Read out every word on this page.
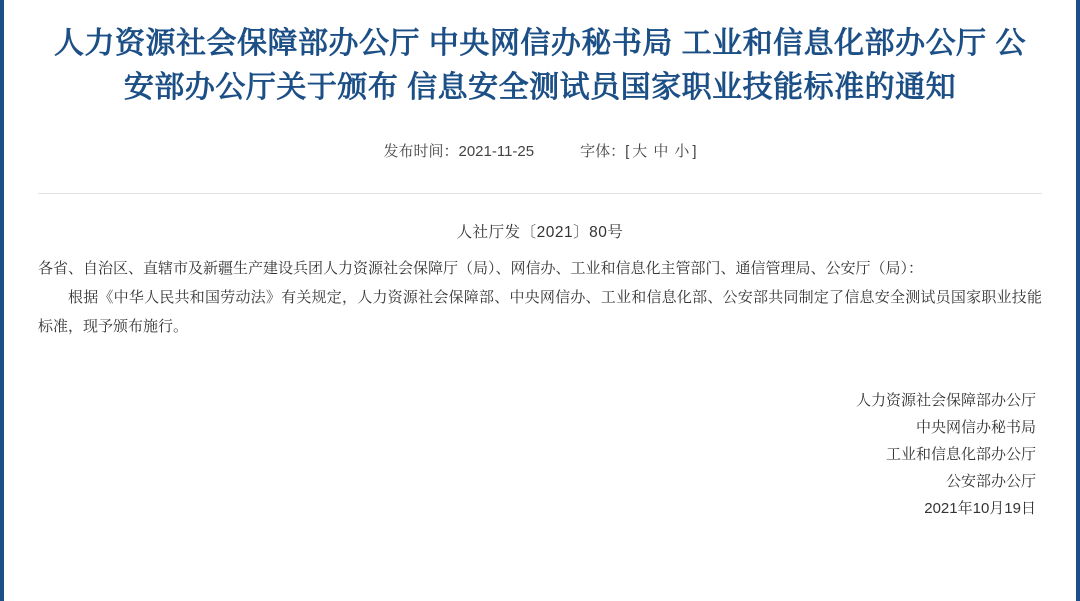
人力资源社会保障部办公厅 中央网信办秘书局 工业和信息化部办公厅 公安部办公厅关于颁布 信息安全测试员国家职业技能标准的通知
发布时间：2021-11-25	字体：[ 大 中 小 ]
人社厅发〔2021〕80号

各省、自治区、直辖市及新疆生产建设兵团人力资源社会保障厅（局）、网信办、工业和信息化主管部门、通信管理局、公安厅（局）：

根据《中华人民共和国劳动法》有关规定，人力资源社会保障部、中央网信办、工业和信息化部、公安部共同制定了信息安全测试员国家职业技能标准，现予颁布施行。

人力资源社会保障部办公厅
中央网信办秘书局
工业和信息化部办公厅
公安部办公厅
2021年10月19日
